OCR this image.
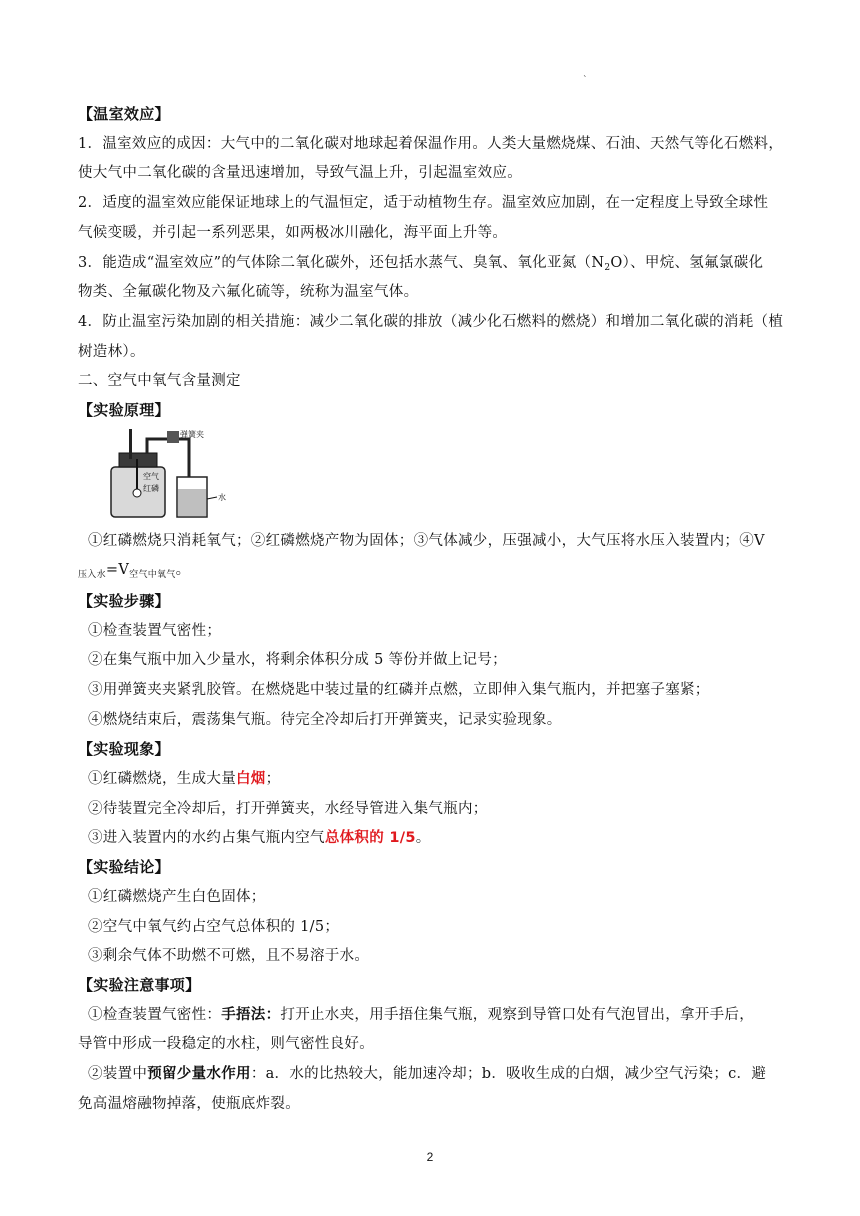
`
【温室效应】
1．温室效应的成因：大气中的二氧化碳对地球起着保温作用。人类大量燃烧煤、石油、天然气等化石燃料，
使大气中二氧化碳的含量迅速增加，导致气温上升，引起温室效应。
2．适度的温室效应能保证地球上的气温恒定，适于动植物生存。温室效应加剧，在一定程度上导致全球性
气候变暖，并引起一系列恶果，如两极冰川融化，海平面上升等。
3．能造成“温室效应”的气体除二氧化碳外，还包括水蒸气、臭氧、氧化亚氮$(N_2O)$、甲烷、氢氟氯碳化
物类、全氟碳化物及六氟化硫等，统称为温室气体。
4．防止温室污染加剧的相关措施：减少二氧化碳的排放（减少化石燃料的燃烧）和增加二氧化碳的消耗（植
树造林）。
二、空气中氧气含量测定
【实验原理】
弹簧夹
空气
红磷
水
①红磷燃烧只消耗氧气；②红磷燃烧产物为固体；③气体减少，压强减小，大气压将水压入装置内；④V
$_{压入水}=V_{空气中氧气}$。
【实验步骤】
①检查装置气密性；
②在集气瓶中加入少量水，将剩余体积分成 5 等份并做上记号；
③用弹簧夹夹紧乳胶管。在燃烧匙中装过量的红磷并点燃，立即伸入集气瓶内，并把塞子塞紧；
④燃烧结束后，震荡集气瓶。待完全冷却后打开弹簧夹，记录实验现象。
【实验现象】
①红磷燃烧，生成大量白烟；
②待装置完全冷却后，打开弹簧夹，水经导管进入集气瓶内；
③进入装置内的水约占集气瓶内空气总体积的 1/5。
【实验结论】
①红磷燃烧产生白色固体；
②空气中氧气约占空气总体积的 1/5；
③剩余气体不助燃不可燃，且不易溶于水。
【实验注意事项】
①检查装置气密性：手捂法：打开止水夹，用手捂住集气瓶，观察到导管口处有气泡冒出，拿开手后，
导管中形成一段稳定的水柱，则气密性良好。
②装置中预留少量水作用：a．水的比热较大，能加速冷却；b．吸收生成的白烟，减少空气污染；c．避
免高温熔融物掉落，使瓶底炸裂。
2
